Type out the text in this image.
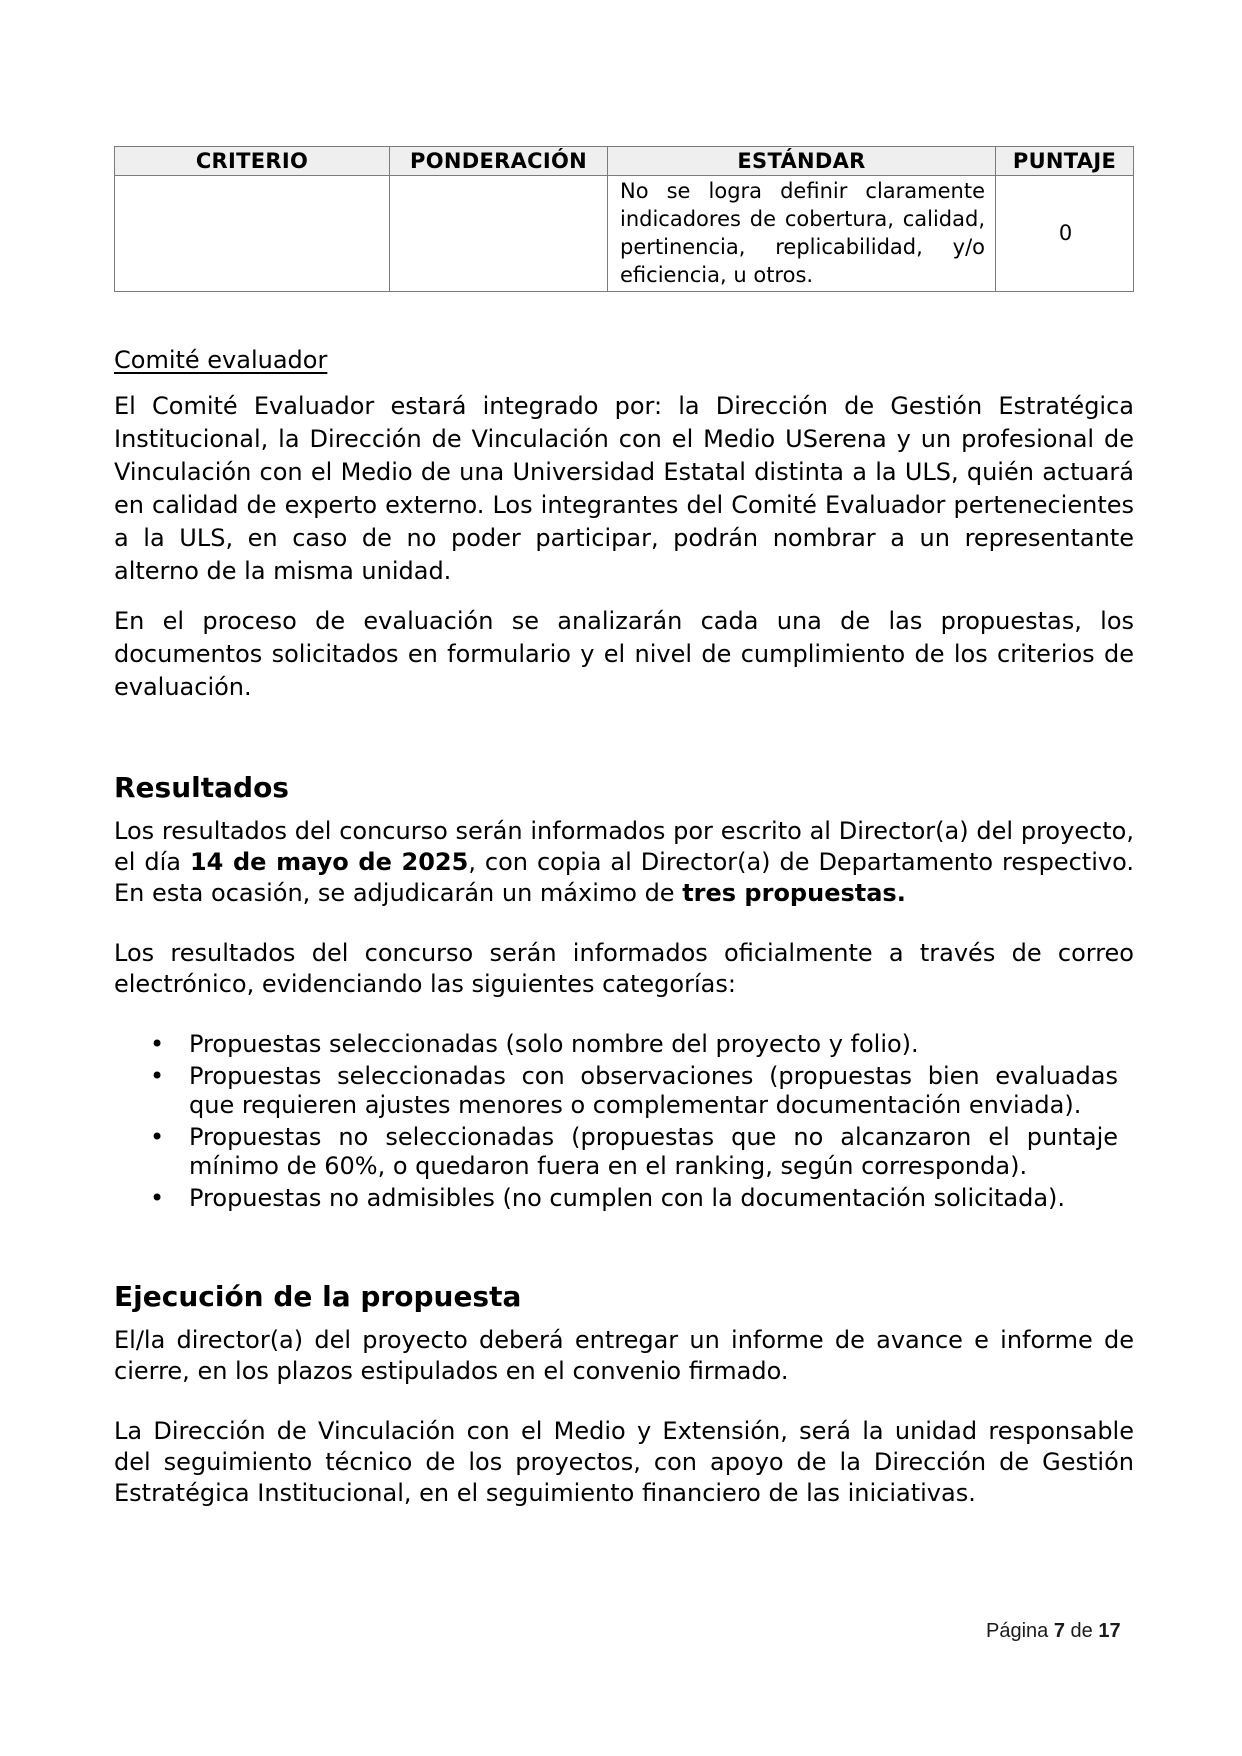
CRITERIO	PONDERACIÓN	ESTÁNDAR	PUNTAJE
		No se logra definir claramente indicadores de cobertura, calidad, pertinencia, replicabilidad, y/o eficiencia, u otros.	0
Comité evaluador

El Comité Evaluador estará integrado por: la Dirección de Gestión Estratégica Institucional, la Dirección de Vinculación con el Medio USerena y un profesional de Vinculación con el Medio de una Universidad Estatal distinta a la ULS, quién actuará en calidad de experto externo. Los integrantes del Comité Evaluador pertenecientes a la ULS, en caso de no poder participar, podrán nombrar a un representante alterno de la misma unidad.

En el proceso de evaluación se analizarán cada una de las propuestas, los documentos solicitados en formulario y el nivel de cumplimiento de los criterios de evaluación.

Resultados

Los resultados del concurso serán informados por escrito al Director(a) del proyecto, el día 14 de mayo de 2025, con copia al Director(a) de Departamento respectivo. En esta ocasión, se adjudicarán un máximo de tres propuestas.

Los resultados del concurso serán informados oficialmente a través de correo electrónico, evidenciando las siguientes categorías:

• Propuestas seleccionadas (solo nombre del proyecto y folio).
• Propuestas seleccionadas con observaciones (propuestas bien evaluadas que requieren ajustes menores o complementar documentación enviada).
• Propuestas no seleccionadas (propuestas que no alcanzaron el puntaje mínimo de 60%, o quedaron fuera en el ranking, según corresponda).
• Propuestas no admisibles (no cumplen con la documentación solicitada).
Ejecución de la propuesta

El/la director(a) del proyecto deberá entregar un informe de avance e informe de cierre, en los plazos estipulados en el convenio firmado.

La Dirección de Vinculación con el Medio y Extensión, será la unidad responsable del seguimiento técnico de los proyectos, con apoyo de la Dirección de Gestión Estratégica Institucional, en el seguimiento financiero de las iniciativas.

Página 7 de 17
